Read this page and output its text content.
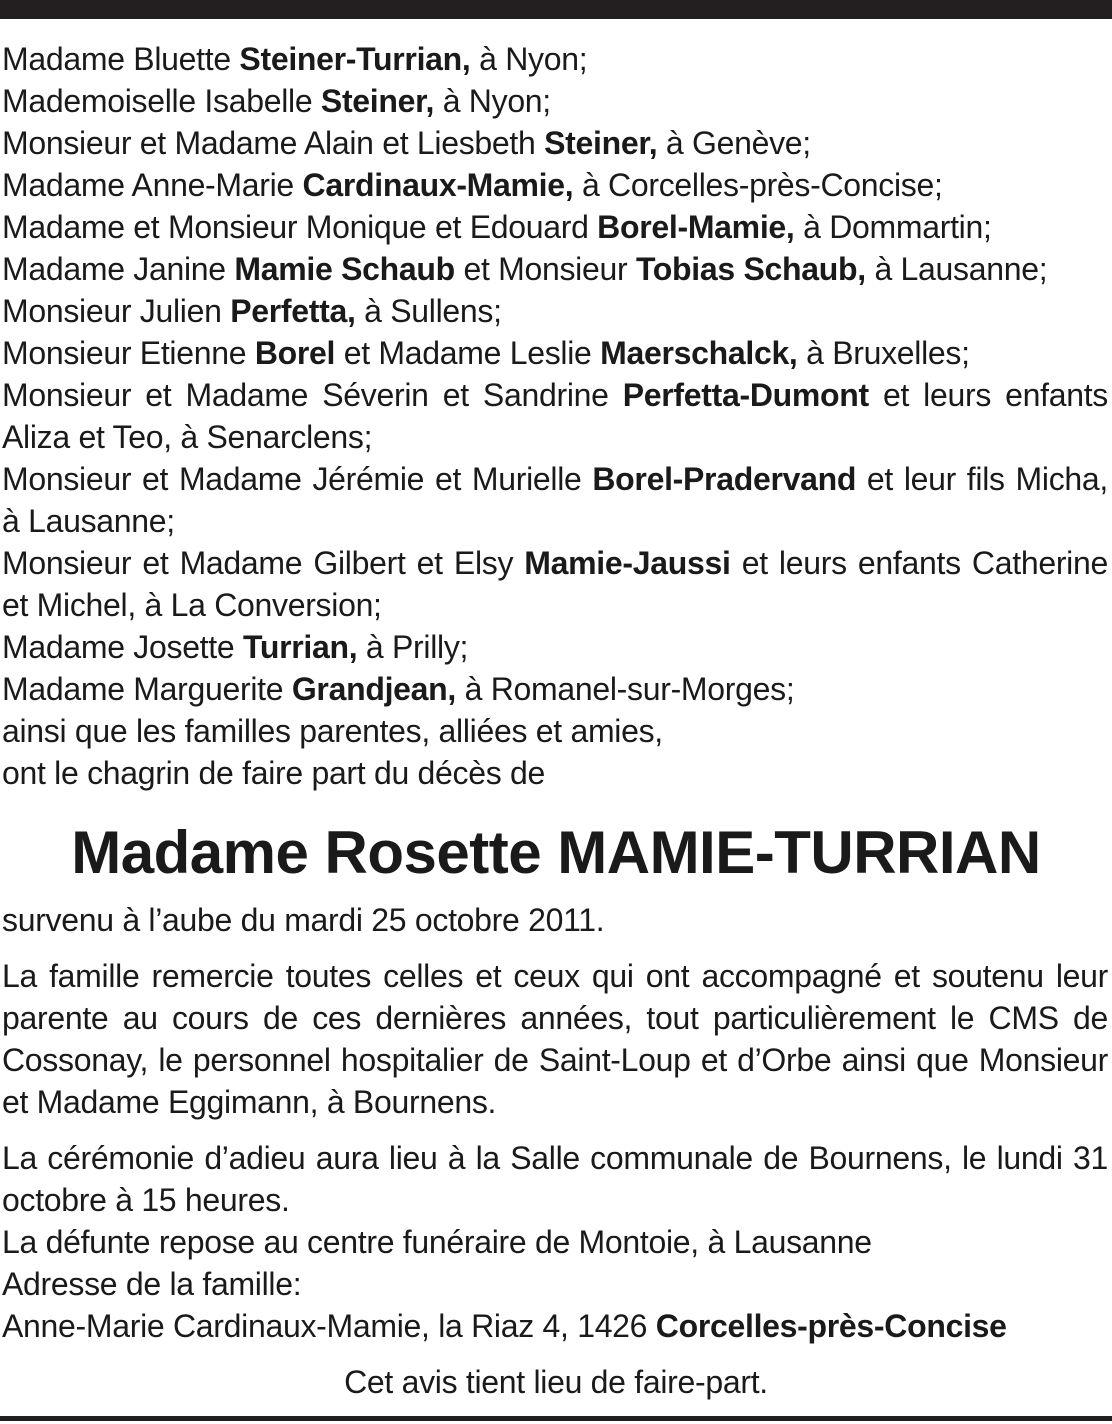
Madame Bluette Steiner-Turrian, à Nyon;
Mademoiselle Isabelle Steiner, à Nyon;
Monsieur et Madame Alain et Liesbeth Steiner, à Genève;
Madame Anne-Marie Cardinaux-Mamie, à Corcelles-près-Concise;
Madame et Monsieur Monique et Edouard Borel-Mamie, à Dommartin;
Madame Janine Mamie Schaub et Monsieur Tobias Schaub, à Lausanne;
Monsieur Julien Perfetta, à Sullens;
Monsieur Etienne Borel et Madame Leslie Maerschalck, à Bruxelles;
Monsieur et Madame Séverin et Sandrine Perfetta-Dumont et leurs enfants Aliza et Teo, à Senarclens;
Monsieur et Madame Jérémie et Murielle Borel-Pradervand et leur fils Micha, à Lausanne;
Monsieur et Madame Gilbert et Elsy Mamie-Jaussi et leurs enfants Catherine et Michel, à La Conversion;
Madame Josette Turrian, à Prilly;
Madame Marguerite Grandjean, à Romanel-sur-Morges;
ainsi que les familles parentes, alliées et amies,
ont le chagrin de faire part du décès de
Madame Rosette MAMIE-TURRIAN
survenu à l’aube du mardi 25 octobre 2011.
La famille remercie toutes celles et ceux qui ont accompagné et soutenu leur parente au cours de ces dernières années, tout particulièrement le CMS de Cossonay, le personnel hospitalier de Saint-Loup et d’Orbe ainsi que Monsieur et Madame Eggimann, à Bournens.
La cérémonie d’adieu aura lieu à la Salle communale de Bournens, le lundi 31 octobre à 15 heures.
La défunte repose au centre funéraire de Montoie, à Lausanne
Adresse de la famille:
Anne-Marie Cardinaux-Mamie, la Riaz 4, 1426 Corcelles-près-Concise
Cet avis tient lieu de faire-part.
